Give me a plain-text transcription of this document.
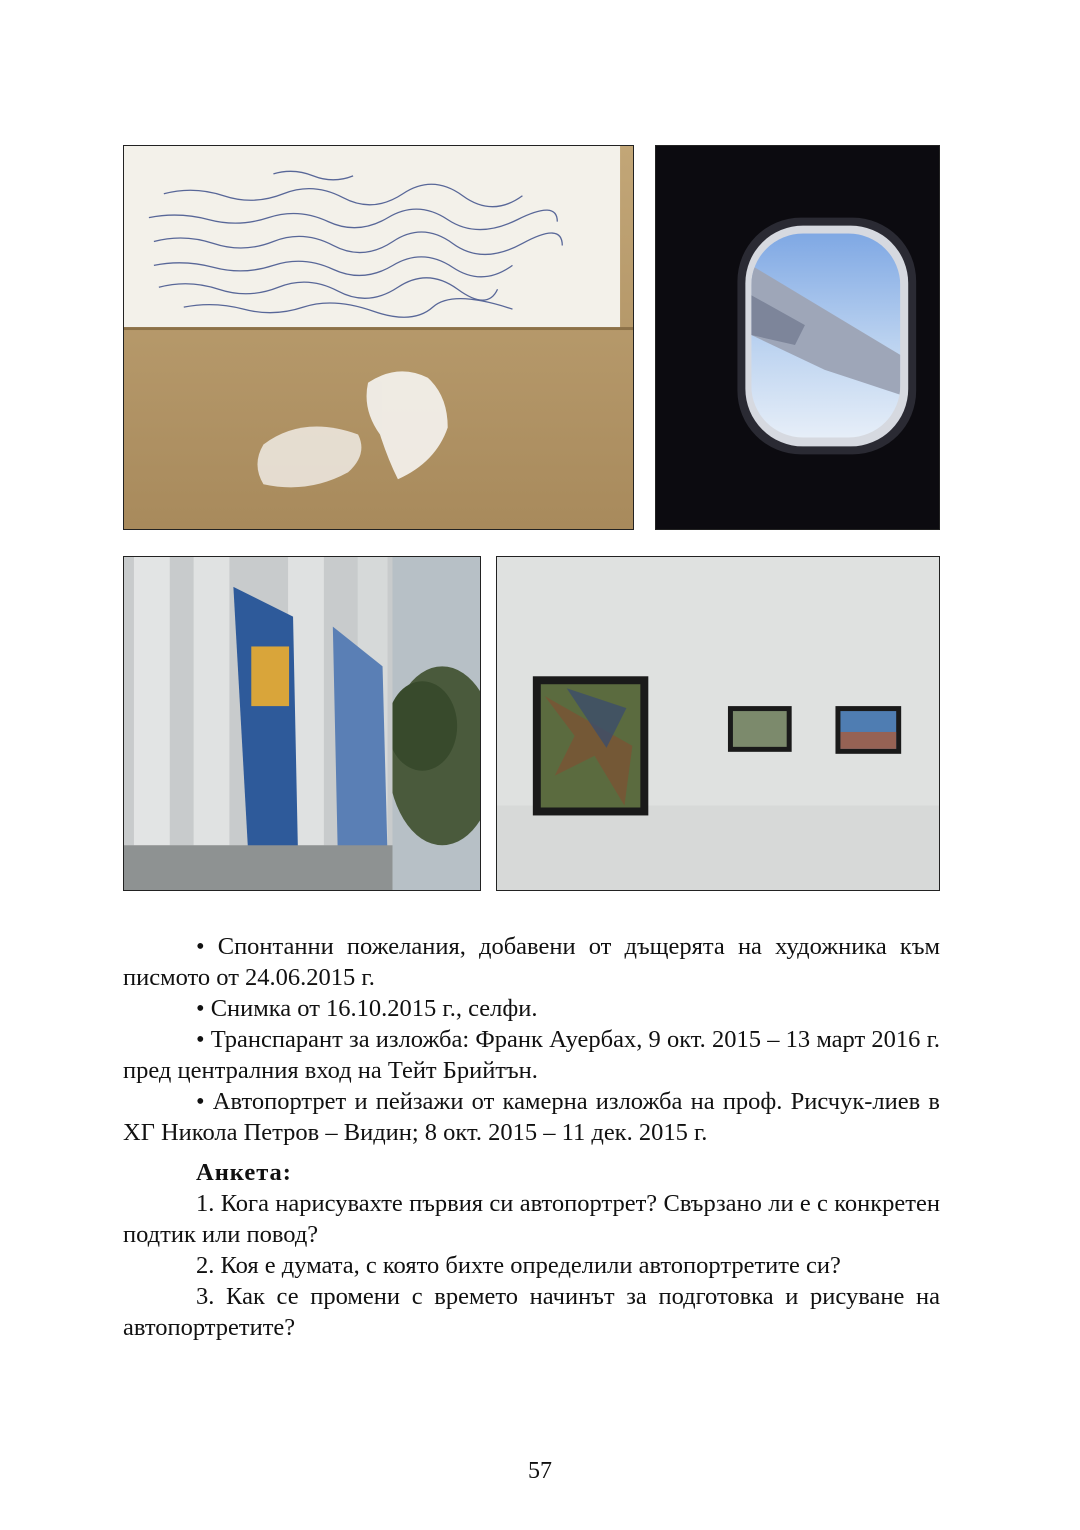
• Спонтанни пожелания, добавени от дъщерята на художника към писмото от 24.06.2015 г.

• Снимка от 16.10.2015 г., селфи.

• Транспарант за изложба: Франк Ауербах, 9 окт. 2015 – 13 март 2016 г. пред централния вход на Тейт Брийтън.

• Автопортрет и пейзажи от камерна изложба на проф. Рисчук-лиев в ХГ Никола Петров – Видин; 8 окт. 2015 – 11 дек. 2015 г.

Анкета:

1. Кога нарисувахте първия си автопортрет? Свързано ли е с конкретен подтик или повод?

2. Коя е думата, с която бихте определили автопортретите си?

3. Как се промени с времето начинът за подготовка и рисуване на автопортретите?

57
